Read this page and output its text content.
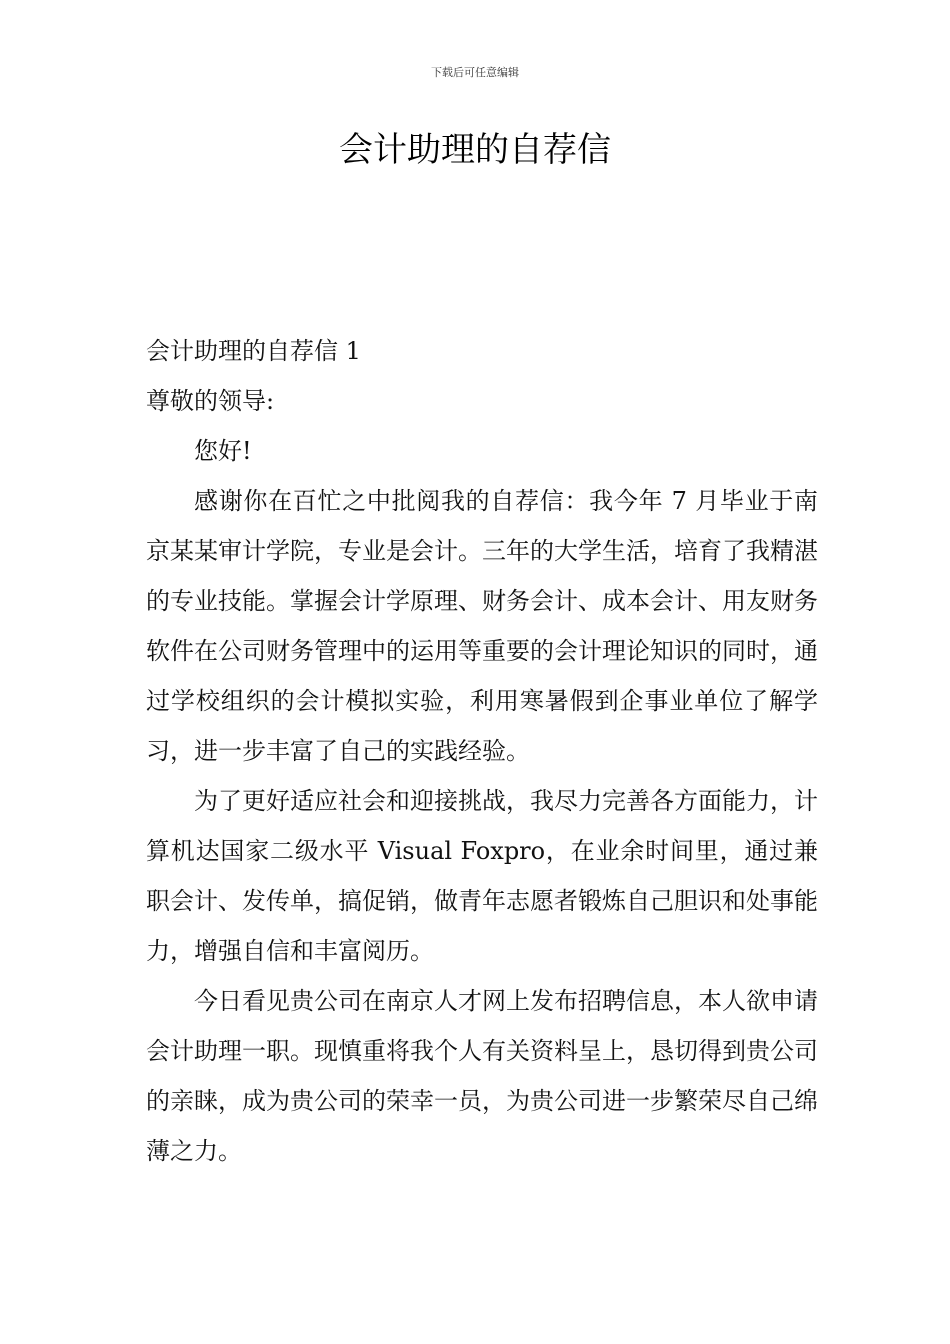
下载后可任意编辑
会计助理的自荐信

会计助理的自荐信 1

尊敬的领导:

您好!

感谢你在百忙之中批阅我的自荐信：我今年 7 月毕业于南京某某审计学院，专业是会计。三年的大学生活，培育了我精湛的专业技能。掌握会计学原理、财务会计、成本会计、用友财务软件在公司财务管理中的运用等重要的会计理论知识的同时，通过学校组织的会计模拟实验，利用寒暑假到企事业单位了解学习，进一步丰富了自己的实践经验。

为了更好适应社会和迎接挑战，我尽力完善各方面能力，计算机达国家二级水平 Visual Foxpro，在业余时间里，通过兼职会计、发传单，搞促销，做青年志愿者锻炼自己胆识和处事能力，增强自信和丰富阅历。

今日看见贵公司在南京人才网上发布招聘信息，本人欲申请会计助理一职。现慎重将我个人有关资料呈上，恳切得到贵公司的亲睐，成为贵公司的荣幸一员，为贵公司进一步繁荣尽自己绵薄之力。
